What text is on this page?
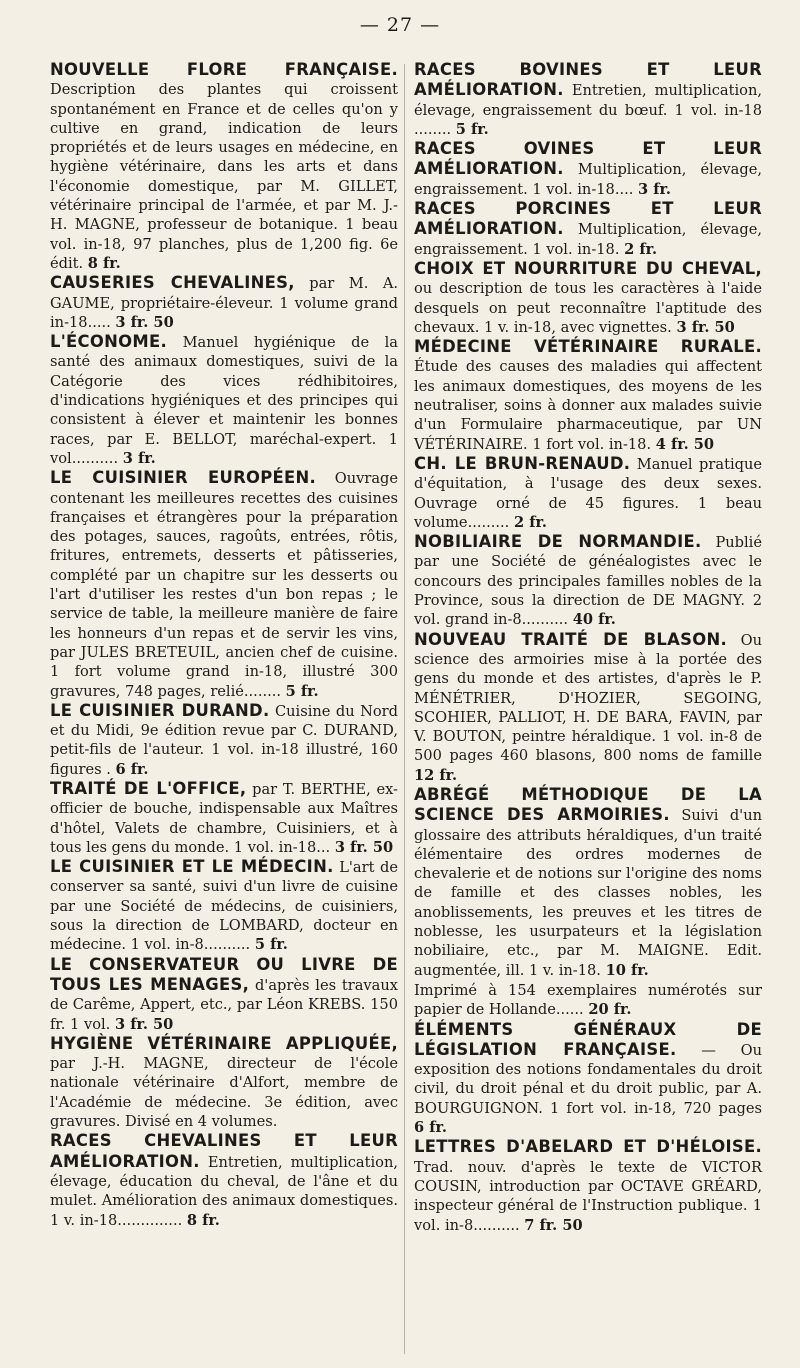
— 27 —

NOUVELLE FLORE FRANÇAISE. Description des plantes qui croissent spontanément en France et de celles qu'on y cultive en grand, indication de leurs propriétés et de leurs usages en médecine, en hygiène vétérinaire, dans les arts et dans l'économie domestique, par M. GILLET, vétérinaire principal de l'armée, et par M. J.-H. MAGNE, professeur de botanique. 1 beau vol. in-18, 97 planches, plus de 1,200 fig. 6e édit. 8 fr.

CAUSERIES CHEVALINES, par M. A. GAUME, propriétaire-éleveur. 1 volume grand in-18..... 3 fr. 50

L'ÉCONOME. Manuel hygiénique de la santé des animaux domestiques, suivi de la Catégorie des vices rédhibitoires, d'indications hygiéniques et des principes qui consistent à élever et maintenir les bonnes races, par E. BELLOT, maréchal-expert. 1 vol.......... 3 fr.

LE CUISINIER EUROPÉEN. Ouvrage contenant les meilleures recettes des cuisines françaises et étrangères pour la préparation des potages, sauces, ragoûts, entrées, rôtis, fritures, entremets, desserts et pâtisseries, complété par un chapitre sur les desserts ou l'art d'utiliser les restes d'un bon repas ; le service de table, la meilleure manière de faire les honneurs d'un repas et de servir les vins, par JULES BRETEUIL, ancien chef de cuisine. 1 fort volume grand in-18, illustré 300 gravures, 748 pages, relié........ 5 fr.

LE CUISINIER DURAND. Cuisine du Nord et du Midi, 9e édition revue par C. DURAND, petit-fils de l'auteur. 1 vol. in-18 illustré, 160 figures . 6 fr.

TRAITÉ DE L'OFFICE, par T. BERTHE, ex-officier de bouche, indispensable aux Maîtres d'hôtel, Valets de chambre, Cuisiniers, et à tous les gens du monde. 1 vol. in-18... 3 fr. 50

LE CUISINIER ET LE MÉDECIN. L'art de conserver sa santé, suivi d'un livre de cuisine par une Société de médecins, de cuisiniers, sous la direction de LOMBARD, docteur en médecine. 1 vol. in-8.......... 5 fr.

LE CONSERVATEUR OU LIVRE DE TOUS LES MENAGES, d'après les travaux de Carême, Appert, etc., par Léon KREBS. 150 fr. 1 vol. 3 fr. 50

HYGIÈNE VÉTÉRINAIRE APPLIQUÉE, par J.-H. MAGNE, directeur de l'école nationale vétérinaire d'Alfort, membre de l'Académie de médecine. 3e édition, avec gravures. Divisé en 4 volumes.

RACES CHEVALINES ET LEUR AMÉLIORATION. Entretien, multiplication, élevage, éducation du cheval, de l'âne et du mulet. Amélioration des animaux domestiques. 1 v. in-18.............. 8 fr.

RACES BOVINES ET LEUR AMÉLIORATION. Entretien, multiplication, élevage, engraissement du bœuf. 1 vol. in-18 ........ 5 fr.

RACES OVINES ET LEUR AMÉLIORATION. Multiplication, élevage, engraissement. 1 vol. in-18.... 3 fr.

RACES PORCINES ET LEUR AMÉLIORATION. Multiplication, élevage, engraissement. 1 vol. in-18. 2 fr.

CHOIX ET NOURRITURE DU CHEVAL, ou description de tous les caractères à l'aide desquels on peut reconnaître l'aptitude des chevaux. 1 v. in-18, avec vignettes. 3 fr. 50

MÉDECINE VÉTÉRINAIRE RURALE. Étude des causes des maladies qui affectent les animaux domestiques, des moyens de les neutraliser, soins à donner aux malades suivie d'un Formulaire pharmaceutique, par UN VÉTÉRINAIRE. 1 fort vol. in-18. 4 fr. 50

CH. LE BRUN-RENAUD. Manuel pratique d'équitation, à l'usage des deux sexes. Ouvrage orné de 45 figures. 1 beau volume......... 2 fr.

NOBILIAIRE DE NORMANDIE. Publié par une Société de généalogistes avec le concours des principales familles nobles de la Province, sous la direction de DE MAGNY. 2 vol. grand in-8.......... 40 fr.

NOUVEAU TRAITÉ DE BLASON. Ou science des armoiries mise à la portée des gens du monde et des artistes, d'après le P. MÉNÉTRIER, D'HOZIER, SEGOING, SCOHIER, PALLIOT, H. DE BARA, FAVIN, par V. BOUTON, peintre héraldique. 1 vol. in-8 de 500 pages 460 blasons, 800 noms de famille 12 fr.

ABRÉGÉ MÉTHODIQUE DE LA SCIENCE DES ARMOIRIES. Suivi d'un glossaire des attributs héraldiques, d'un traité élémentaire des ordres modernes de chevalerie et de notions sur l'origine des noms de famille et des classes nobles, les anoblissements, les preuves et les titres de noblesse, les usurpateurs et la législation nobiliaire, etc., par M. MAIGNE. Edit. augmentée, ill. 1 v. in-18. 10 fr.

Imprimé à 154 exemplaires numérotés sur papier de Hollande...... 20 fr.

ÉLÉMENTS GÉNÉRAUX DE LÉGISLATION FRANÇAISE. — Ou exposition des notions fondamentales du droit civil, du droit pénal et du droit public, par A. BOURGUIGNON. 1 fort vol. in-18, 720 pages 6 fr.

LETTRES D'ABELARD ET D'HÉLOISE. Trad. nouv. d'après le texte de VICTOR COUSIN, introduction par OCTAVE GRÉARD, inspecteur général de l'Instruction publique. 1 vol. in-8.......... 7 fr. 50
